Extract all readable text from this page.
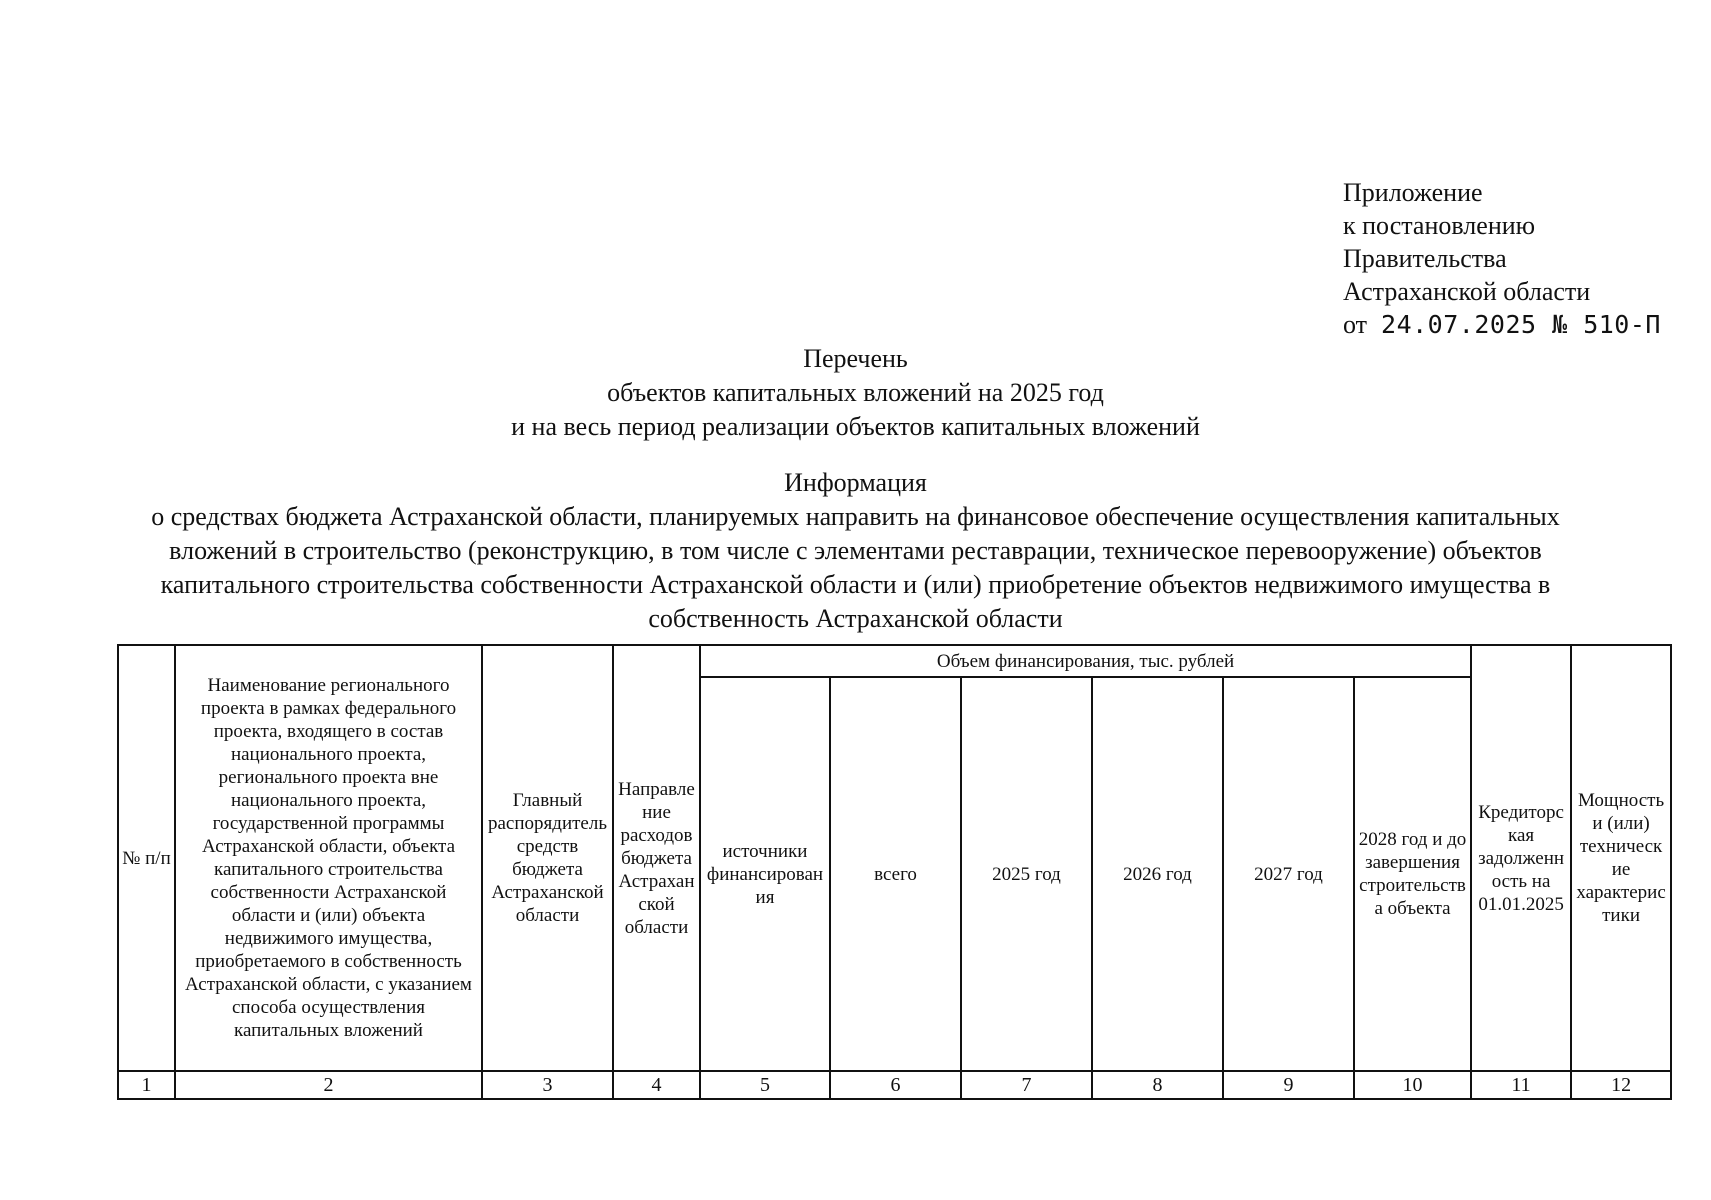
Приложение
к постановлению
Правительства
Астраханской области
от 24.07.2025 № 510-П
Перечень
объектов капитальных вложений на 2025 год
и на весь период реализации объектов капитальных вложений
Информация
о средствах бюджета Астраханской области, планируемых направить на финансовое обеспечение осуществления капитальных вложений в строительство (реконструкцию, в том числе с элементами реставрации, техническое перевооружение) объектов капитального строительства собственности Астраханской области и (или) приобретение объектов недвижимого имущества в собственность Астраханской области
№ п/п	Наименование регионального проекта в рамках федерального проекта, входящего в состав национального проекта, регионального проекта вне национального проекта, государственной программы Астраханской области, объекта капитального строительства собственности Астраханской области и (или) объекта недвижимого имущества, приобретаемого в собственность Астраханской области, с указанием способа осуществления капитальных вложений	Главный распорядитель средств бюджета Астраханской области	Направление расходов бюджета Астраханской области	Объем финансирования, тыс. рублей						Кредиторская задолженность на 01.01.2025	Мощность и (или) технические характеристики
				источники финансирования	всего	2025 год	2026 год	2027 год	2028 год и до завершения строительства объекта		
1	2	3	4	5	6	7	8	9	10	11	12
